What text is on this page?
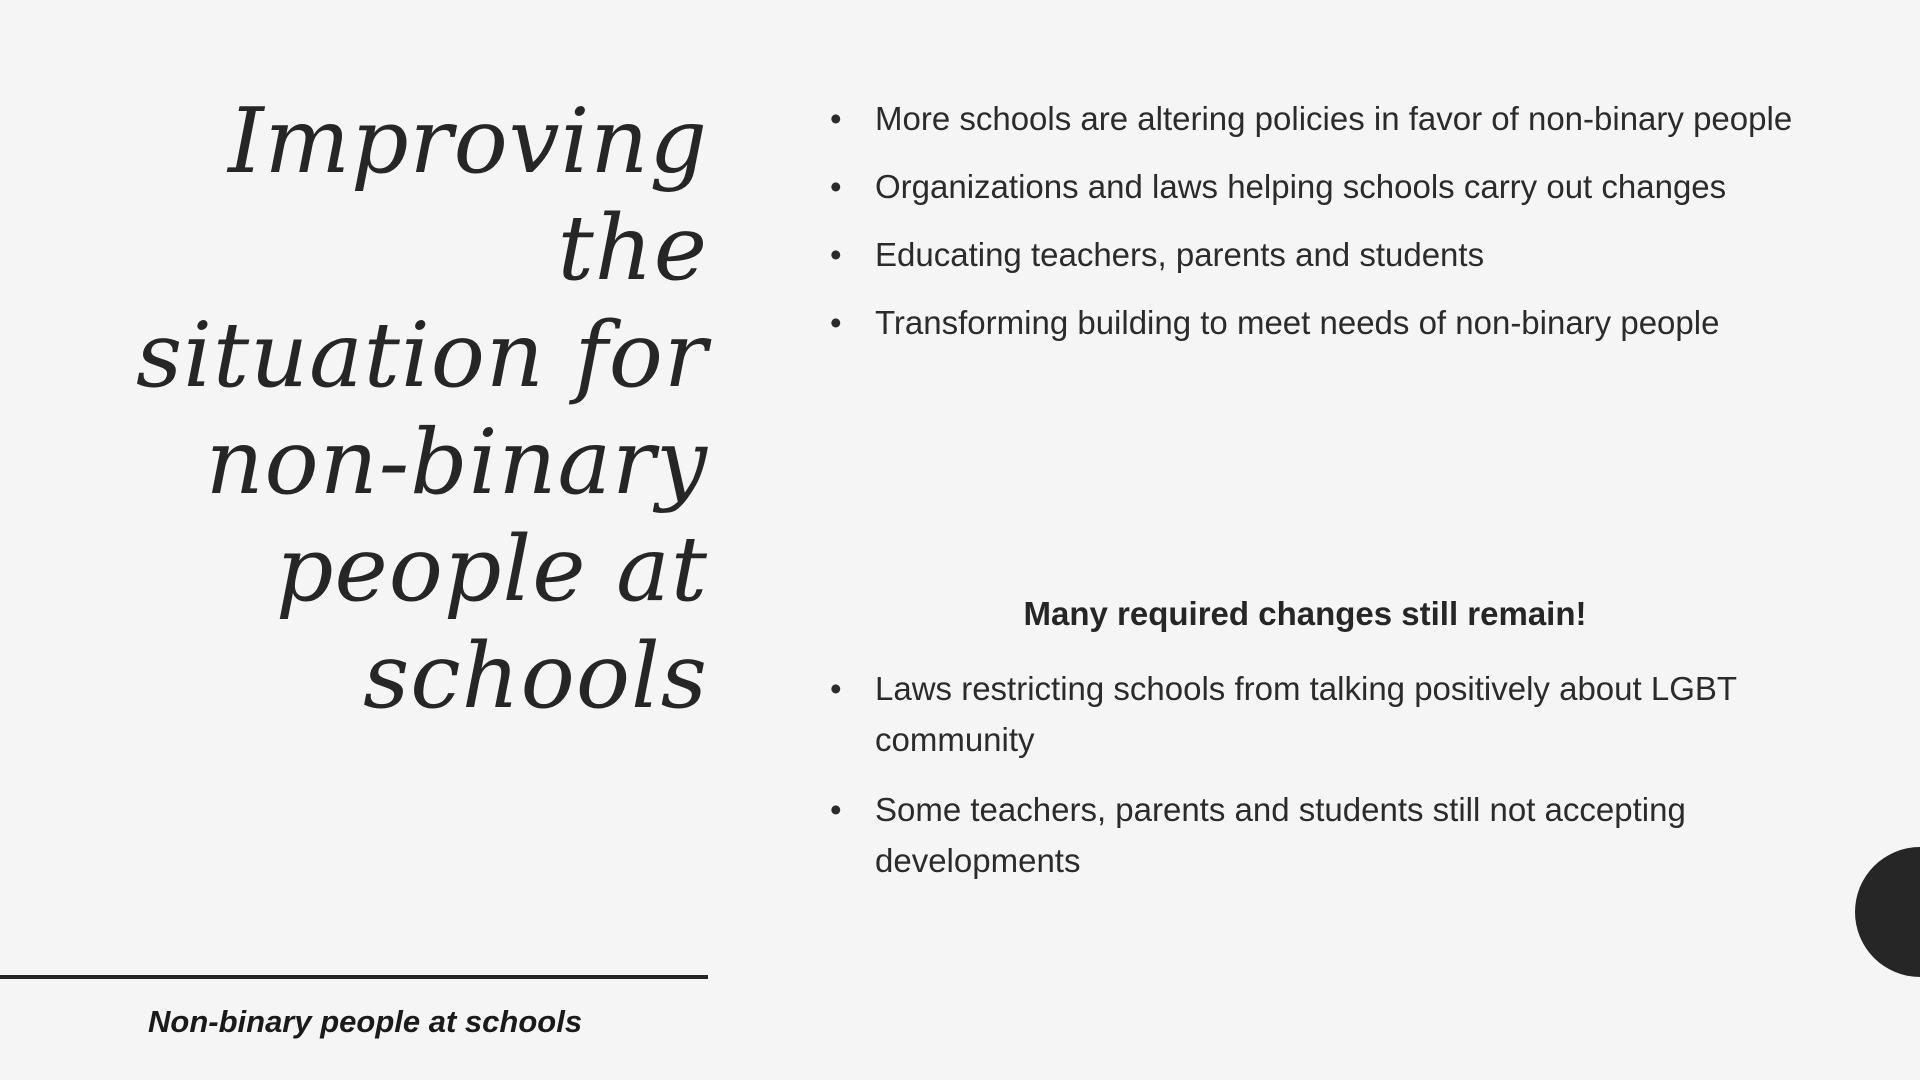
Improving
the
situation for
non-binary
people at
schools
• More schools are altering policies in favor of non-binary people
• Organizations and laws helping schools carry out changes
• Educating teachers, parents and students
• Transforming building to meet needs of non-binary people
Many required changes still remain!
• Laws restricting schools from talking positively about LGBT community
• Some teachers, parents and students still not accepting developments
Non-binary people at schools
